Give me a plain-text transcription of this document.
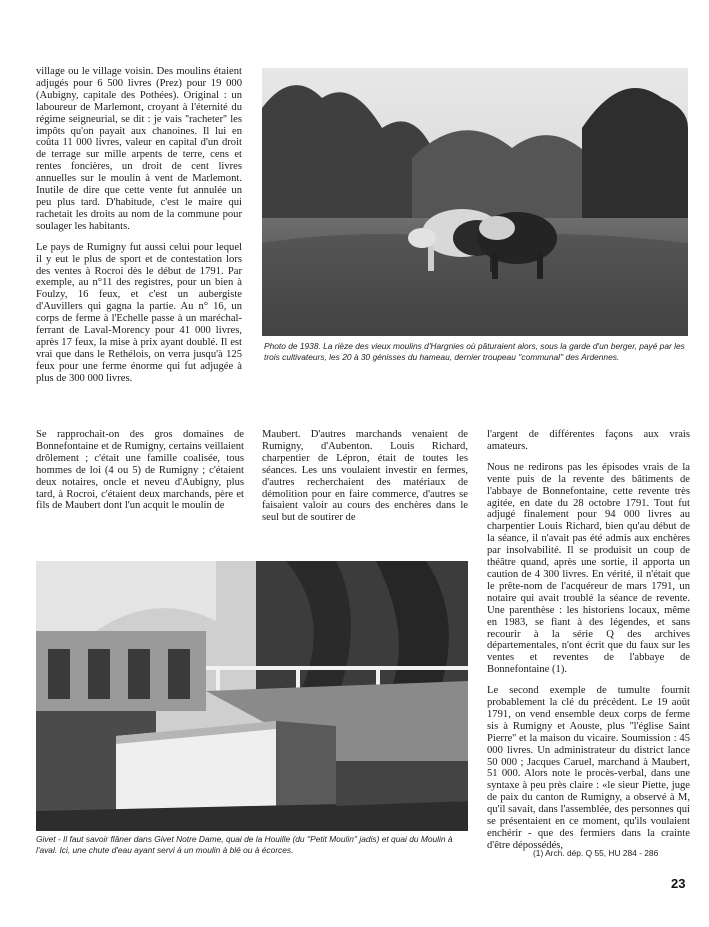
village ou le village voisin. Des moulins étaient adjugés pour 6 500 livres (Prez) pour 19 000 (Aubigny, capitale des Pothées). Original : un laboureur de Marlemont, croyant à l'éternité du régime seigneurial, se dit : je vais ''racheter'' les impôts qu'on payait aux chanoines. Il lui en coûta 11 000 livres, valeur en capital d'un droit de terrage sur mille arpents de terre, cens et rentes foncières, un droit de cent livres annuelles sur le moulin à vent de Marlemont. Inutile de dire que cette vente fut annulée un peu plus tard. D'habitude, c'est le maire qui rachetait les droits au nom de la commune pour soulager les habitants.

Le pays de Rumigny fut aussi celui pour lequel il y eut le plus de sport et de contestation lors des ventes à Rocroi dès le début de 1791. Par exemple, au n°11 des registres, pour un bien à Foulzy, 16 feux, et c'est un aubergiste d'Auvillers qui gagna la partie. Au n° 16, un corps de ferme à l'Echelle passe à un maréchal-ferrant de Laval-Morency pour 41 000 livres, après 17 feux, la mise à prix ayant doublé. Il est vrai que dans le Rethélois, on verra jusqu'à 125 feux pour une ferme énorme qui fut adjugée à plus de 300 000 livres.

Photo de 1938. La rièze des vieux moulins d'Hargnies où pâturaient alors, sous la garde d'un berger, payé par les trois cultivateurs, les 20 à 30 génisses du hameau, dernier troupeau ''communal'' des Ardennes.

Se rapprochait-on des gros domaines de Bonnefontaine et de Rumigny, certains veillaient drôlement ; c'était une famille coalisée, tous hommes de loi (4 ou 5) de Rumigny ; c'étaient deux notaires, oncle et neveu d'Aubigny, plus tard, à Rocroi, c'étaient deux marchands, père et fils de Maubert dont l'un acquit le moulin de

Maubert. D'autres marchands venaient de Rumigny, d'Aubenton. Louis Richard, charpentier de Lépron, était de toutes les séances. Les uns voulaient investir en fermes, d'autres recherchaient des matériaux de démolition pour en faire commerce, d'autres se faisaient valoir au cours des enchères dans le seul but de soutirer de

l'argent de différentes façons aux vrais amateurs.

Nous ne redirons pas les épisodes vrais de la vente puis de la revente des bâtiments de l'abbaye de Bonnefontaine, cette revente très agitée, en date du 28 octobre 1791. Tout fut adjugé finalement pour 94 000 livres au charpentier Louis Richard, bien qu'au début de la séance, il n'avait pas été admis aux enchères par insolvabilité. Il se produisit un coup de théâtre quand, après une sortie, il apporta un caution de 4 300 livres. En vérité, il n'était que le prête-nom de l'acquéreur de mars 1791, un notaire qui avait troublé la séance de revente. Une parenthèse : les historiens locaux, même en 1983, se fiant à des légendes, et sans recourir à la série Q des archives départementales, n'ont écrit que du faux sur les ventes et reventes de l'abbaye de Bonnefontaine (1).

Le second exemple de tumulte fournit probablement la clé du précédent. Le 19 août 1791, on vend ensemble deux corps de ferme sis à Rumigny et Aouste, plus ''l'église Saint Pierre'' et la maison du vicaire. Soumission : 45 000 livres. Un administrateur du district lance 50 000 ; Jacques Caruel, marchand à Maubert, 51 000. Alors note le procès-verbal, dans une syntaxe à peu près claire : «le sieur Piette, juge de paix du canton de Rumigny, a observé à M, qu'il savait, dans l'assemblée, des personnes qui se présentaient en ce moment, qu'ils voulaient enchérir - que des fermiers dans la crainte d'être dépossédés,

Givet - Il faut savoir flâner dans Givet Notre Dame, quai de la Houille (du ''Petit Moulin'' jadis) et quai du Moulin à l'aval. Ici, une chute d'eau ayant servi à un moulin à blé ou à écorces.	(1) Arch. dép. Q 55, HU 284 - 286
23
